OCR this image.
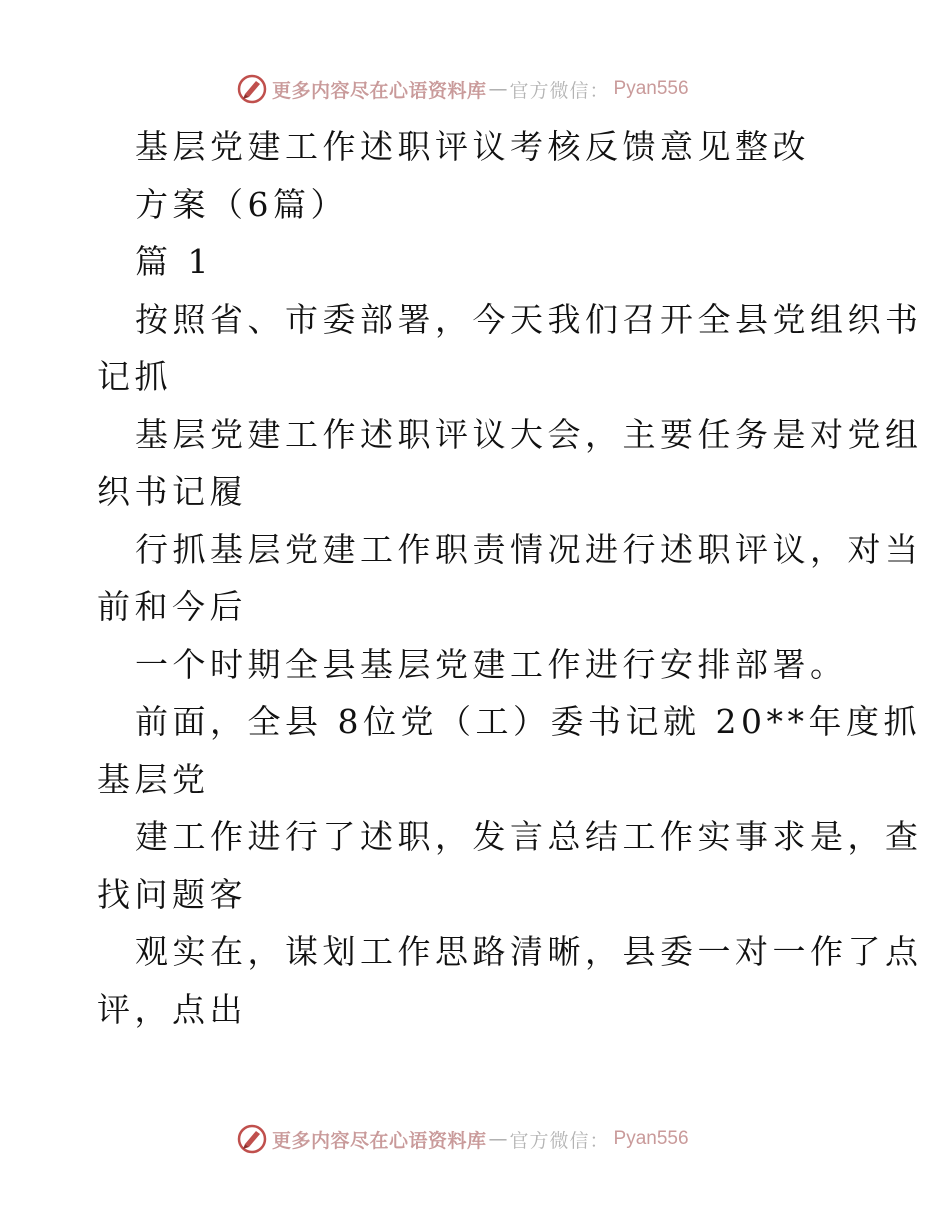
更多内容尽在心语资料库 — 官方微信： Pyan556
基层党建工作述职评议考核反馈意见整改
方案（6篇）
篇 1
按照省、市委部署，今天我们召开全县党组织书
记抓
基层党建工作述职评议大会，主要任务是对党组
织书记履
行抓基层党建工作职责情况进行述职评议，对当
前和今后
一个时期全县基层党建工作进行安排部署。
前面，全县 8位党（工）委书记就 20**年度抓
基层党
建工作进行了述职，发言总结工作实事求是，查
找问题客
观实在，谋划工作思路清晰，县委一对一作了点
评，点出
更多内容尽在心语资料库 — 官方微信： Pyan556
